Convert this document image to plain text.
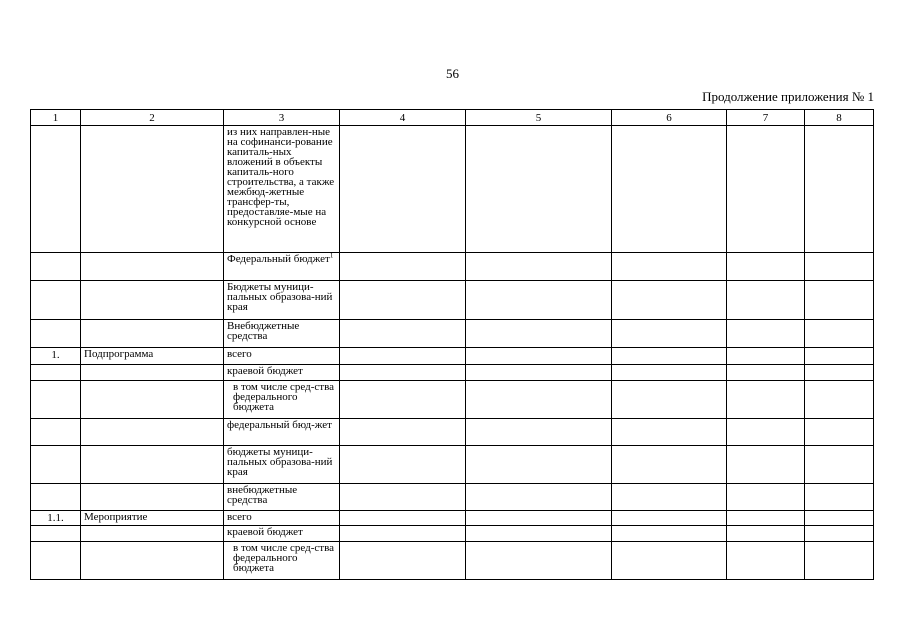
56
Продолжение приложения № 1
1	2	3	4	5	6	7	8
		из них направлен-ные на софинанси-рование капиталь-ных вложений в объекты капиталь-ного строительства, а также межбюд-жетные трансфер-ты, предоставляе-мые на конкурсной основе					
		Федеральный бюджет$^1$					
		Бюджеты муници-пальных образова-ний края					
		Внебюджетные средства					
1.	Подпрограмма	всего					
		краевой бюджет					
		в том числе сред-ства федерального бюджета					
		федеральный бюд-жет					
		бюджеты муници-пальных образова-ний края					
		внебюджетные средства					
1.1.	Мероприятие	всего					
		краевой бюджет					
		в том числе сред-ства федерального бюджета					
